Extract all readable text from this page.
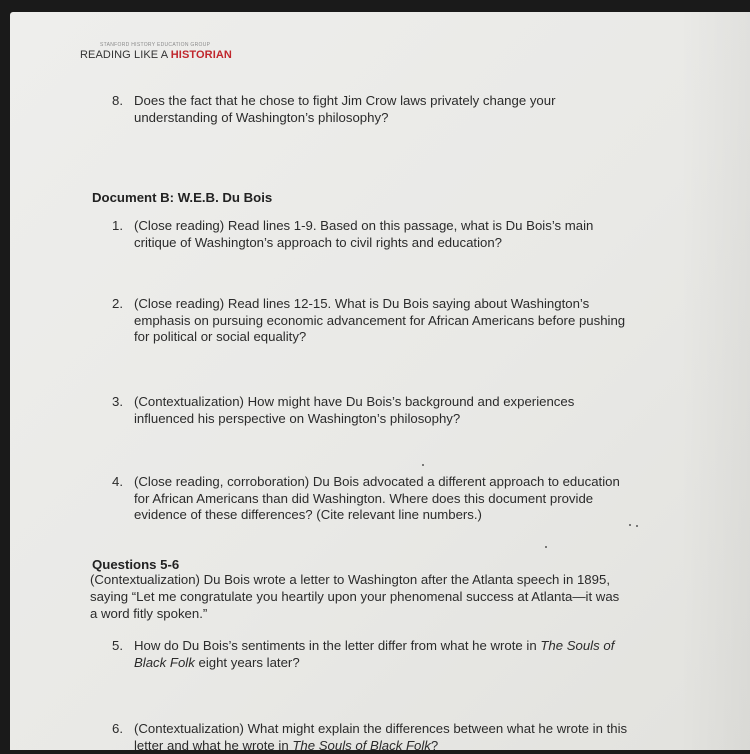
STANFORD HISTORY EDUCATION GROUP
READING LIKE A HISTORIAN
8. Does the fact that he chose to fight Jim Crow laws privately change your understanding of Washington’s philosophy?
Document B: W.E.B. Du Bois
1. (Close reading) Read lines 1-9. Based on this passage, what is Du Bois’s main critique of Washington’s approach to civil rights and education?
2. (Close reading) Read lines 12-15. What is Du Bois saying about Washington’s emphasis on pursuing economic advancement for African Americans before pushing for political or social equality?
3. (Contextualization) How might have Du Bois’s background and experiences influenced his perspective on Washington’s philosophy?
4. (Close reading, corroboration) Du Bois advocated a different approach to education for African Americans than did Washington. Where does this document provide evidence of these differences? (Cite relevant line numbers.)
Questions 5-6
(Contextualization) Du Bois wrote a letter to Washington after the Atlanta speech in 1895, saying “Let me congratulate you heartily upon your phenomenal success at Atlanta—it was a word fitly spoken.”
5. How do Du Bois’s sentiments in the letter differ from what he wrote in The Souls of Black Folk eight years later?
6. (Contextualization) What might explain the differences between what he wrote in this letter and what he wrote in The Souls of Black Folk?
